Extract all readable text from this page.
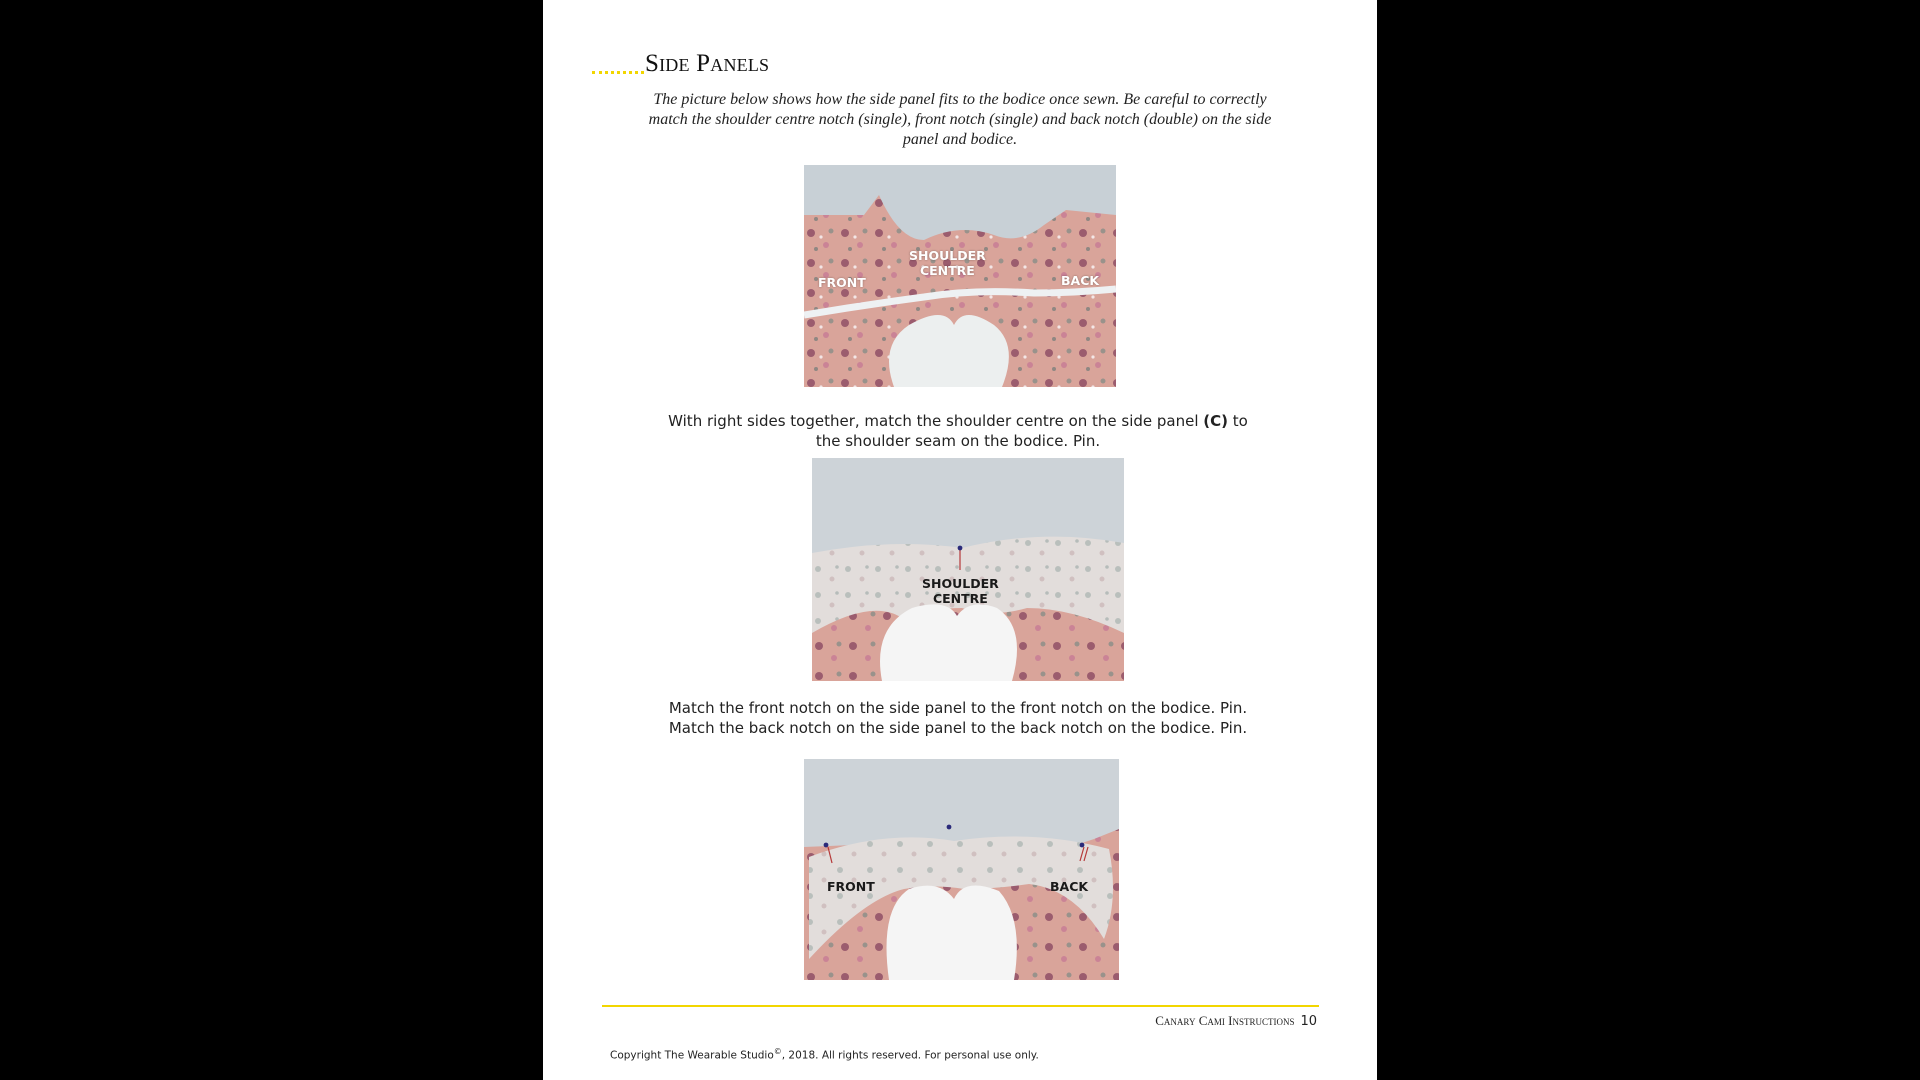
Side Panels

The picture below shows how the side panel fits to the bodice once sewn. Be careful to correctly match the shoulder centre notch (single), front notch (single) and back notch (double) on the side panel and bodice.

FRONT
SHOULDER
CENTRE
BACK

With right sides together, match the shoulder centre on the side panel (C) to the shoulder seam on the bodice. Pin.

SHOULDER
CENTRE

Match the front notch on the side panel to the front notch on the bodice. Pin.
Match the back notch on the side panel to the back notch on the bodice. Pin.

FRONT	BACK
Canary Cami Instructions 10
Copyright The Wearable Studio©, 2018. All rights reserved. For personal use only.
